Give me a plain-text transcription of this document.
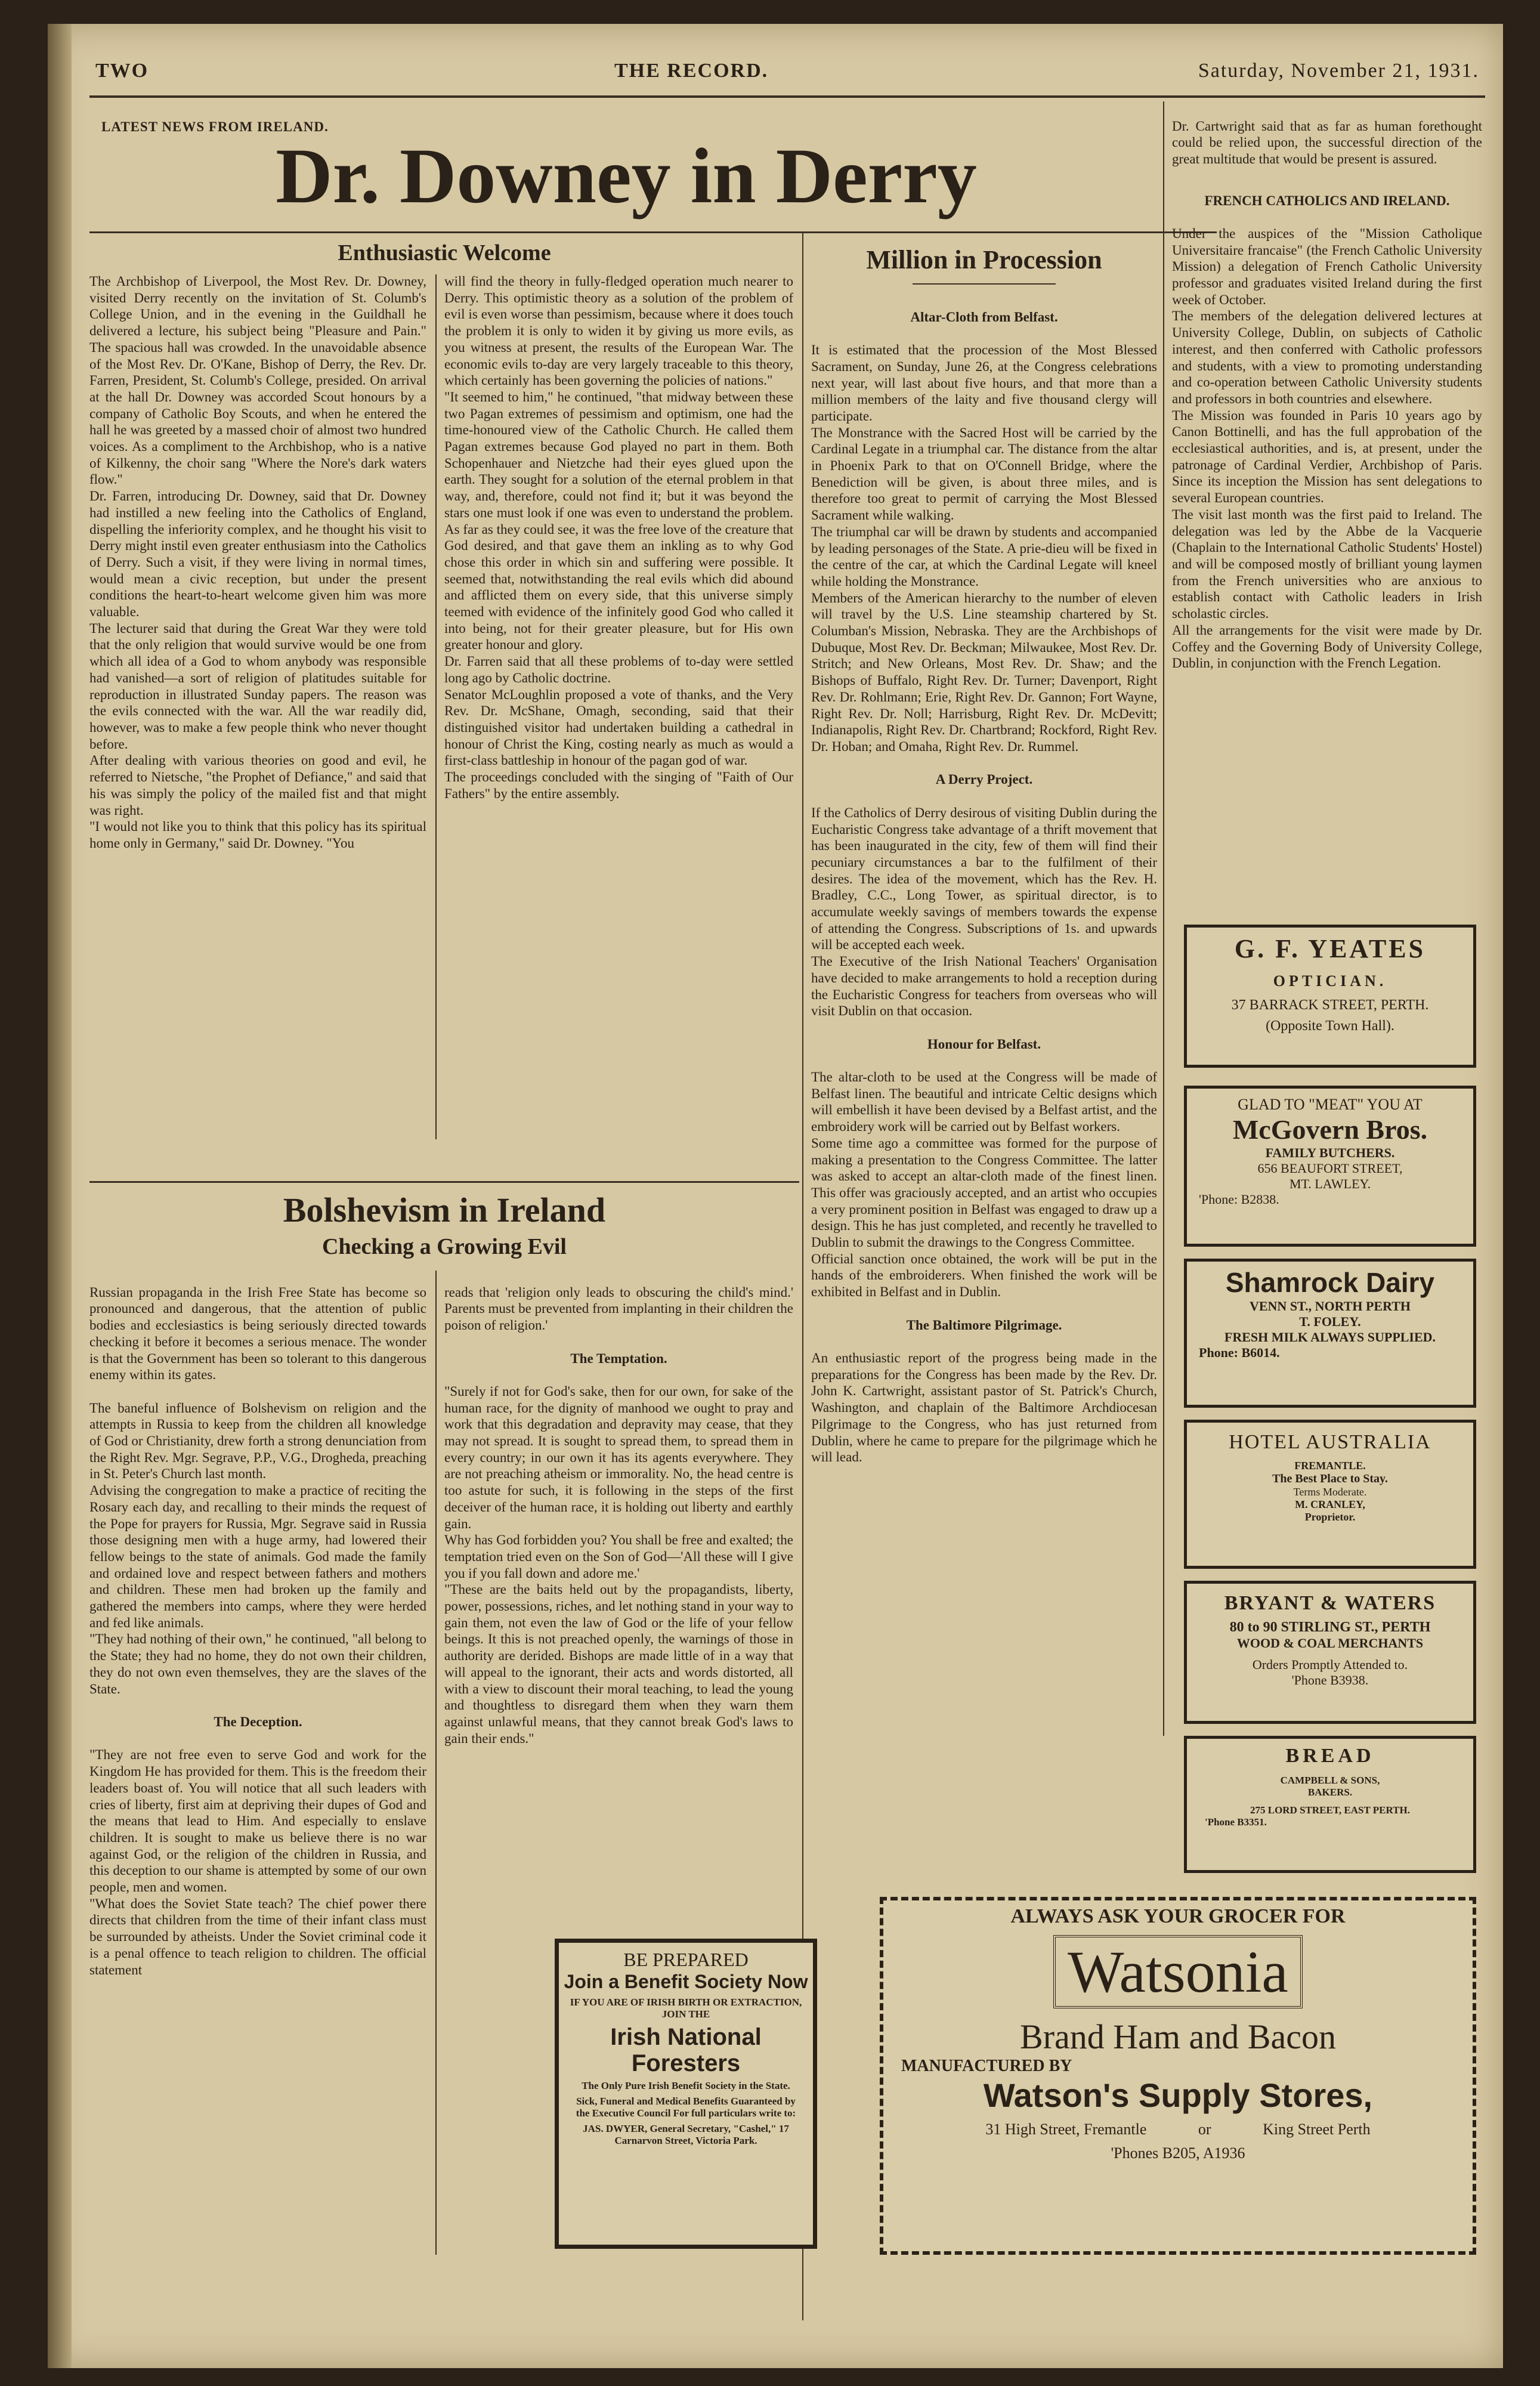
TWO	THE RECORD.	Saturday, November 21, 1931.
LATEST NEWS FROM IRELAND.
Dr. Downey in Derry
Enthusiastic Welcome
The Archbishop of Liverpool, the Most Rev. Dr. Downey, visited Derry recently on the invitation of St. Columb's College Union, and in the evening in the Guildhall he delivered a lecture, his subject being "Pleasure and Pain." The spacious hall was crowded. In the unavoidable absence of the Most Rev. Dr. O'Kane, Bishop of Derry, the Rev. Dr. Farren, President, St. Columb's College, presided. On arrival at the hall Dr. Downey was accorded Scout honours by a company of Catholic Boy Scouts, and when he entered the hall he was greeted by a massed choir of almost two hundred voices. As a compliment to the Archbishop, who is a native of Kilkenny, the choir sang "Where the Nore's dark waters flow."
Dr. Farren, introducing Dr. Downey, said that Dr. Downey had instilled a new feeling into the Catholics of England, dispelling the inferiority complex, and he thought his visit to Derry might instil even greater enthusiasm into the Catholics of Derry. Such a visit, if they were living in normal times, would mean a civic reception, but under the present conditions the heart-to-heart welcome given him was more valuable.
The lecturer said that during the Great War they were told that the only religion that would survive would be one from which all idea of a God to whom anybody was responsible had vanished—a sort of religion of platitudes suitable for reproduction in illustrated Sunday papers. The reason was the evils connected with the war. All the war readily did, however, was to make a few people think who never thought before.
After dealing with various theories on good and evil, he referred to Nietsche, "the Prophet of Defiance," and said that his was simply the policy of the mailed fist and that might was right.
"I would not like you to think that this policy has its spiritual home only in Germany," said Dr. Downey. "You
will find the theory in fully-fledged operation much nearer to Derry. This optimistic theory as a solution of the problem of evil is even worse than pessimism, because where it does touch the problem it is only to widen it by giving us more evils, as you witness at present, the results of the European War. The economic evils to-day are very largely traceable to this theory, which certainly has been governing the policies of nations."
"It seemed to him," he continued, "that midway between these two Pagan extremes of pessimism and optimism, one had the time-honoured view of the Catholic Church. He called them Pagan extremes because God played no part in them. Both Schopenhauer and Nietzche had their eyes glued upon the earth. They sought for a solution of the eternal problem in that way, and, therefore, could not find it; but it was beyond the stars one must look if one was even to understand the problem. As far as they could see, it was the free love of the creature that God desired, and that gave them an inkling as to why God chose this order in which sin and suffering were possible. It seemed that, notwithstanding the real evils which did abound and afflicted them on every side, that this universe simply teemed with evidence of the infinitely good God who called it into being, not for their greater pleasure, but for His own greater honour and glory.
Dr. Farren said that all these problems of to-day were settled long ago by Catholic doctrine.
Senator McLoughlin proposed a vote of thanks, and the Very Rev. Dr. McShane, Omagh, seconding, said that their distinguished visitor had undertaken building a cathedral in honour of Christ the King, costing nearly as much as would a first-class battleship in honour of the pagan god of war.
The proceedings concluded with the singing of "Faith of Our Fathers" by the entire assembly.
Million in Procession

Altar-Cloth from Belfast.

It is estimated that the procession of the Most Blessed Sacrament, on Sunday, June 26, at the Congress celebrations next year, will last about five hours, and that more than a million members of the laity and five thousand clergy will participate.
The Monstrance with the Sacred Host will be carried by the Cardinal Legate in a triumphal car. The distance from the altar in Phoenix Park to that on O'Connell Bridge, where the Benediction will be given, is about three miles, and is therefore too great to permit of carrying the Most Blessed Sacrament while walking.
The triumphal car will be drawn by students and accompanied by leading personages of the State. A prie-dieu will be fixed in the centre of the car, at which the Cardinal Legate will kneel while holding the Monstrance.
Members of the American hierarchy to the number of eleven will travel by the U.S. Line steamship chartered by St. Columban's Mission, Nebraska. They are the Archbishops of Dubuque, Most Rev. Dr. Beckman; Milwaukee, Most Rev. Dr. Stritch; and New Orleans, Most Rev. Dr. Shaw; and the Bishops of Buffalo, Right Rev. Dr. Turner; Davenport, Right Rev. Dr. Rohlmann; Erie, Right Rev. Dr. Gannon; Fort Wayne, Right Rev. Dr. Noll; Harrisburg, Right Rev. Dr. McDevitt; Indianapolis, Right Rev. Dr. Chartbrand; Rockford, Right Rev. Dr. Hoban; and Omaha, Right Rev. Dr. Rummel.

A Derry Project.

If the Catholics of Derry desirous of visiting Dublin during the Eucharistic Congress take advantage of a thrift movement that has been inaugurated in the city, few of them will find their pecuniary circumstances a bar to the fulfilment of their desires. The idea of the movement, which has the Rev. H. Bradley, C.C., Long Tower, as spiritual director, is to accumulate weekly savings of members towards the expense of attending the Congress. Subscriptions of 1s. and upwards will be accepted each week.
The Executive of the Irish National Teachers' Organisation have decided to make arrangements to hold a reception during the Eucharistic Congress for teachers from overseas who will visit Dublin on that occasion.

Honour for Belfast.

The altar-cloth to be used at the Congress will be made of Belfast linen. The beautiful and intricate Celtic designs which will embellish it have been devised by a Belfast artist, and the embroidery work will be carried out by Belfast workers.
Some time ago a committee was formed for the purpose of making a presentation to the Congress Committee. The latter was asked to accept an altar-cloth made of the finest linen. This offer was graciously accepted, and an artist who occupies a very prominent position in Belfast was engaged to draw up a design. This he has just completed, and recently he travelled to Dublin to submit the drawings to the Congress Committee.
Official sanction once obtained, the work will be put in the hands of the embroiderers. When finished the work will be exhibited in Belfast and in Dublin.

The Baltimore Pilgrimage.

An enthusiastic report of the progress being made in the preparations for the Congress has been made by the Rev. Dr. John K. Cartwright, assistant pastor of St. Patrick's Church, Washington, and chaplain of the Baltimore Archdiocesan Pilgrimage to the Congress, who has just returned from Dublin, where he came to prepare for the pilgrimage which he will lead.

Dr. Cartwright said that as far as human forethought could be relied upon, the successful direction of the great multitude that would be present is assured.

FRENCH CATHOLICS AND IRELAND.

Under the auspices of the "Mission Catholique Universitaire francaise" (the French Catholic University Mission) a delegation of French Catholic University professor and graduates visited Ireland during the first week of October.
The members of the delegation delivered lectures at University College, Dublin, on subjects of Catholic interest, and then conferred with Catholic professors and students, with a view to promoting understanding and co-operation between Catholic University students and professors in both countries and elsewhere.
The Mission was founded in Paris 10 years ago by Canon Bottinelli, and has the full approbation of the ecclesiastical authorities, and is, at present, under the patronage of Cardinal Verdier, Archbishop of Paris. Since its inception the Mission has sent delegations to several European countries.
The visit last month was the first paid to Ireland. The delegation was led by the Abbe de la Vacquerie (Chaplain to the International Catholic Students' Hostel) and will be composed mostly of brilliant young laymen from the French universities who are anxious to establish contact with Catholic leaders in Irish scholastic circles.
All the arrangements for the visit were made by Dr. Coffey and the Governing Body of University College, Dublin, in conjunction with the French Legation.

G. F. YEATES
OPTICIAN.
37 BARRACK STREET, PERTH.
(Opposite Town Hall).
GLAD TO "MEAT" YOU AT
McGovern Bros.
FAMILY BUTCHERS.
656 BEAUFORT STREET,
MT. LAWLEY.
'Phone: B2838.
Shamrock Dairy
VENN ST., NORTH PERTH
T. FOLEY.
FRESH MILK ALWAYS SUPPLIED.
Phone: B6014.
HOTEL AUSTRALIA
FREMANTLE.
The Best Place to Stay.
Terms Moderate.
M. CRANLEY,
Proprietor.
BRYANT & WATERS
80 to 90 STIRLING ST., PERTH
WOOD & COAL MERCHANTS
Orders Promptly Attended to.
'Phone B3938.
BREAD
CAMPBELL & SONS,
BAKERS.
275 LORD STREET, EAST PERTH.
'Phone B3351.
Bolshevism in Ireland
Checking a Growing Evil

Russian propaganda in the Irish Free State has become so pronounced and dangerous, that the attention of public bodies and ecclesiastics is being seriously directed towards checking it before it becomes a serious menace. The wonder is that the Government has been so tolerant to this dangerous enemy within its gates.

The baneful influence of Bolshevism on religion and the attempts in Russia to keep from the children all knowledge of God or Christianity, drew forth a strong denunciation from the Right Rev. Mgr. Segrave, P.P., V.G., Drogheda, preaching in St. Peter's Church last month.
Advising the congregation to make a practice of reciting the Rosary each day, and recalling to their minds the request of the Pope for prayers for Russia, Mgr. Segrave said in Russia those designing men with a huge army, had lowered their fellow beings to the state of animals. God made the family and ordained love and respect between fathers and mothers and children. These men had broken up the family and gathered the members into camps, where they were herded and fed like animals.
"They had nothing of their own," he continued, "all belong to the State; they had no home, they do not own their children, they do not own even themselves, they are the slaves of the State.

The Deception.

"They are not free even to serve God and work for the Kingdom He has provided for them. This is the freedom their leaders boast of. You will notice that all such leaders with cries of liberty, first aim at depriving their dupes of God and the means that lead to Him. And especially to enslave children. It is sought to make us believe there is no war against God, or the religion of the children in Russia, and this deception to our shame is attempted by some of our own people, men and women.
"What does the Soviet State teach? The chief power there directs that children from the time of their infant class must be surrounded by atheists. Under the Soviet criminal code it is a penal offence to teach religion to children. The official statement

reads that 'religion only leads to obscuring the child's mind.' Parents must be prevented from implanting in their children the poison of religion.'

The Temptation.

"Surely if not for God's sake, then for our own, for sake of the human race, for the dignity of manhood we ought to pray and work that this degradation and depravity may cease, that they may not spread. It is sought to spread them, to spread them in every country; in our own it has its agents everywhere. They are not preaching atheism or immorality. No, the head centre is too astute for such, it is following in the steps of the first deceiver of the human race, it is holding out liberty and earthly gain.
Why has God forbidden you? You shall be free and exalted; the temptation tried even on the Son of God—'All these will I give you if you fall down and adore me.'
"These are the baits held out by the propagandists, liberty, power, possessions, riches, and let nothing stand in your way to gain them, not even the law of God or the life of your fellow beings. It this is not preached openly, the warnings of those in authority are derided. Bishops are made little of in a way that will appeal to the ignorant, their acts and words distorted, all with a view to discount their moral teaching, to lead the young and thoughtless to disregard them when they warn them against unlawful means, that they cannot break God's laws to gain their ends."

BE PREPARED
Join a Benefit Society Now
IF YOU ARE OF IRISH BIRTH OR EXTRACTION, JOIN THE
Irish National Foresters
The Only Pure Irish Benefit Society in the State.
Sick, Funeral and Medical Benefits Guaranteed by the Executive Council For full particulars write to:
JAS. DWYER, General Secretary, "Cashel," 17 Carnarvon Street, Victoria Park.
ALWAYS ASK YOUR GROCER FOR
Watsonia
Brand Ham and Bacon
MANUFACTURED BY
Watson's Supply Stores,
31 High Street, Fremantle	or	King Street Perth
'Phones B205, A1936
